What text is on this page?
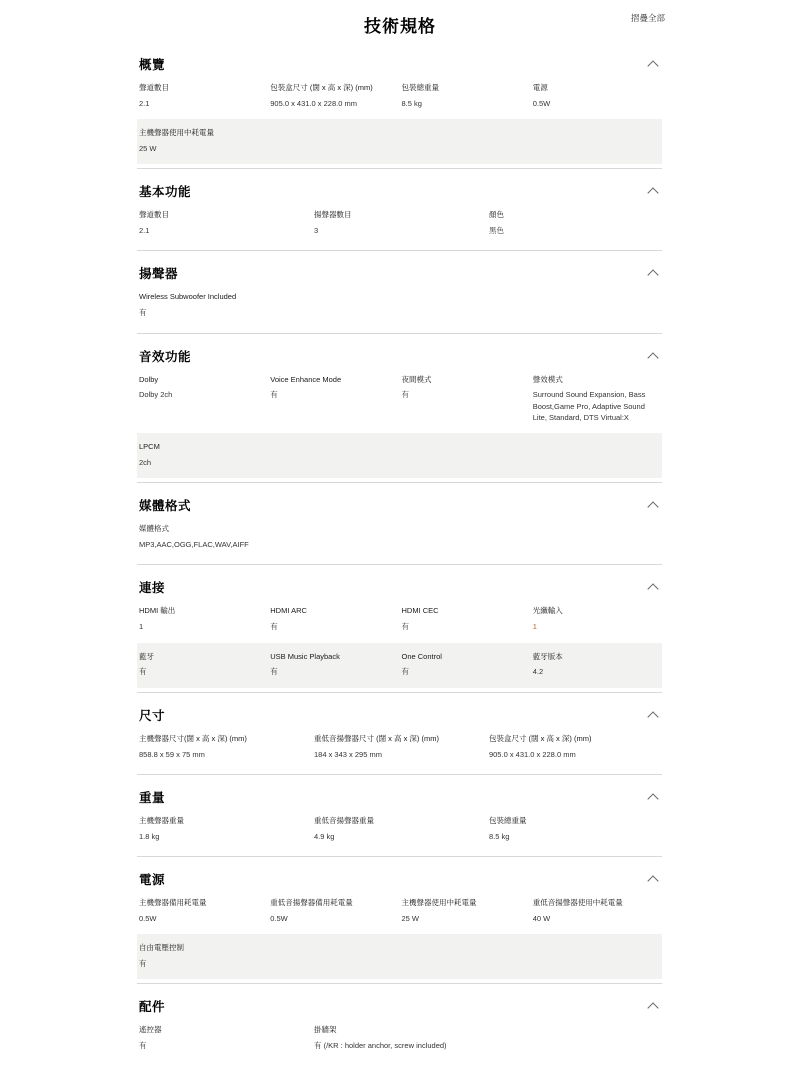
技術規格	摺疊全部
概覽
聲道數目
2.1
包裝盒尺寸 (闊 x 高 x 深) (mm)
905.0 x 431.0 x 228.0 mm
包裝總重量
8.5 kg
電源
0.5W
主機聲器使用中耗電量
25 W
基本功能
聲道數目
2.1
揚聲器數目
3
顏色
黑色
揚聲器
Wireless Subwoofer Included
有
音效功能
Dolby
Dolby 2ch
Voice Enhance Mode
有
夜間模式
有
聲效模式
Surround Sound Expansion, Bass Boost,Game Pro, Adaptive Sound Lite, Standard, DTS Virtual:X
LPCM
2ch
媒體格式
媒體格式
MP3,AAC,OGG,FLAC,WAV,AIFF
連接
HDMI 輸出
1
HDMI ARC
有
HDMI CEC
有
光纖輸入
1
藍牙
有
USB Music Playback
有
One Control
有
藍牙版本
4.2
尺寸
主機聲器尺寸(闊 x 高 x 深) (mm)
858.8 x 59 x 75 mm
重低音揚聲器尺寸 (闊 x 高 x 深) (mm)
184 x 343 x 295 mm
包裝盒尺寸 (闊 x 高 x 深) (mm)
905.0 x 431.0 x 228.0 mm
重量
主機聲器重量
1.8 kg
重低音揚聲器重量
4.9 kg
包裝總重量
8.5 kg
電源
主機聲器備用耗電量
0.5W
重低音揚聲器備用耗電量
0.5W
主機聲器使用中耗電量
25 W
重低音揚聲器使用中耗電量
40 W
自由電壓控制
有
配件
遙控器
有
掛牆架
有 (/KR : holder anchor, screw included)
